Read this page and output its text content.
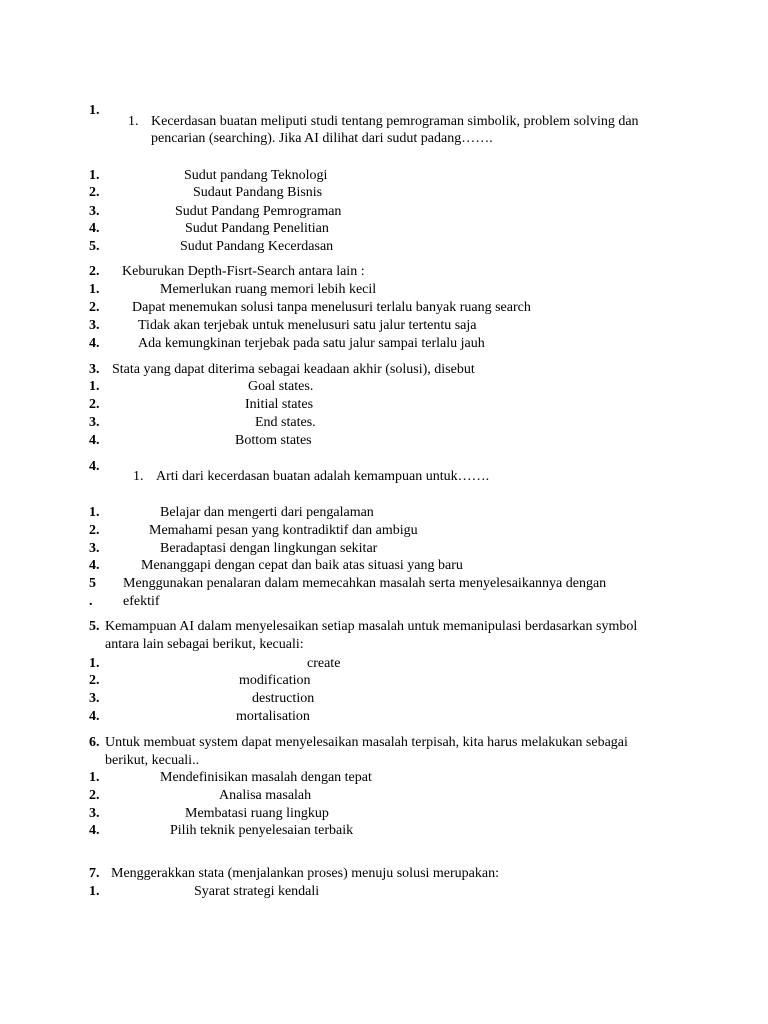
1.
1. Kecerdasan buatan meliputi studi tentang pemrograman simbolik, problem solving dan
pencarian (searching). Jika AI dilihat dari sudut padang…….
1.	Sudut pandang Teknologi
2.	Sudaut Pandang Bisnis
3.	Sudut Pandang Pemrograman
4.	Sudut Pandang Penelitian
5.	Sudut Pandang Kecerdasan
2.	Keburukan Depth-Fisrt-Search antara lain :
1.	Memerlukan ruang memori lebih kecil
2.	Dapat menemukan solusi tanpa menelusuri terlalu banyak ruang search
3.	Tidak akan terjebak untuk menelusuri satu jalur tertentu saja
4.	Ada kemungkinan terjebak pada satu jalur sampai terlalu jauh
3. Stata yang dapat diterima sebagai keadaan akhir (solusi), disebut
1.	Goal states.
2.	Initial states
3.	End states.
4.	Bottom states
4.
1. Arti dari kecerdasan buatan adalah kemampuan untuk…….
1.	Belajar dan mengerti dari pengalaman
2.	Memahami pesan yang kontradiktif dan ambigu
3.	Beradaptasi dengan lingkungan sekitar
4.	Menanggapi dengan cepat dan baik atas situasi yang baru
5
.
Menggunakan penalaran dalam memecahkan masalah serta menyelesaikannya dengan
efektif
5. Kemampuan AI dalam menyelesaikan setiap masalah untuk memanipulasi berdasarkan symbol
antara lain sebagai berikut, kecuali:
1.	create
2.	modification
3.	destruction
4.	mortalisation
6. Untuk membuat system dapat menyelesaikan masalah terpisah, kita harus melakukan sebagai
berikut, kecuali..
1.	Mendefinisikan masalah dengan tepat
2.	Analisa masalah
3.	Membatasi ruang lingkup
4.	Pilih teknik penyelesaian terbaik
7. Menggerakkan stata (menjalankan proses) menuju solusi merupakan:
1.	Syarat strategi kendali
